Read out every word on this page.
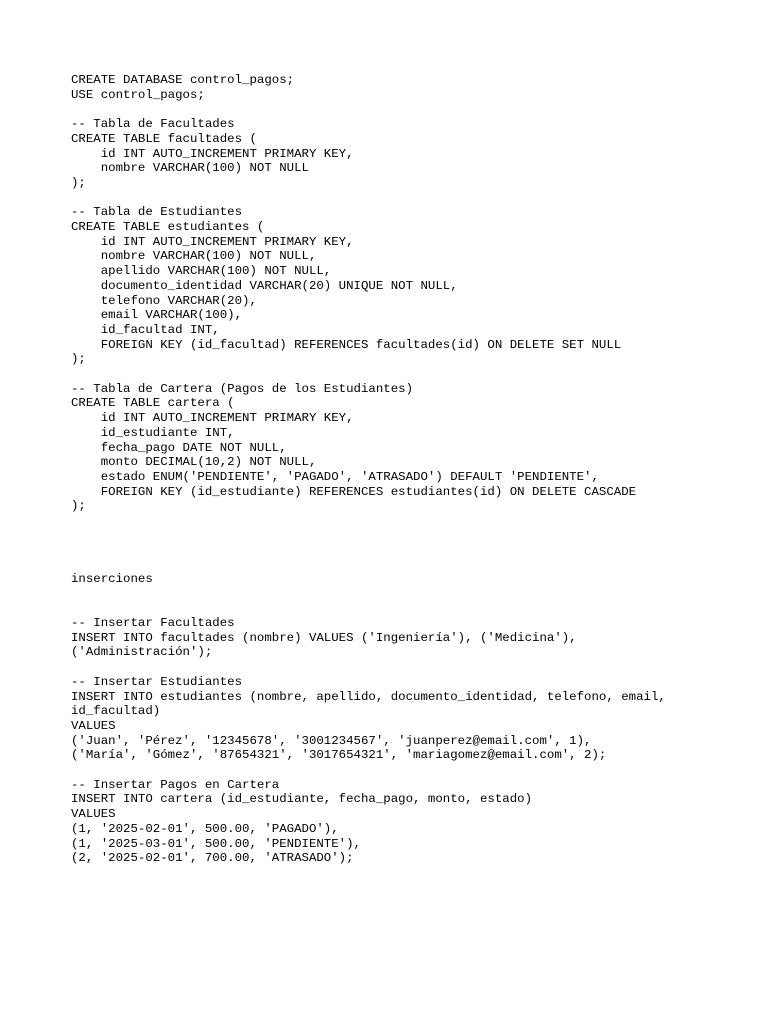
CREATE DATABASE control_pagos;
USE control_pagos;

-- Tabla de Facultades
CREATE TABLE facultades (
id INT AUTO_INCREMENT PRIMARY KEY,
nombre VARCHAR(100) NOT NULL
);

-- Tabla de Estudiantes
CREATE TABLE estudiantes (
id INT AUTO_INCREMENT PRIMARY KEY,
nombre VARCHAR(100) NOT NULL,
apellido VARCHAR(100) NOT NULL,
documento_identidad VARCHAR(20) UNIQUE NOT NULL,
telefono VARCHAR(20),
email VARCHAR(100),
id_facultad INT,
FOREIGN KEY (id_facultad) REFERENCES facultades(id) ON DELETE SET NULL
);

-- Tabla de Cartera (Pagos de los Estudiantes)
CREATE TABLE cartera (
id INT AUTO_INCREMENT PRIMARY KEY,
id_estudiante INT,
fecha_pago DATE NOT NULL,
monto DECIMAL(10,2) NOT NULL,
estado ENUM('PENDIENTE', 'PAGADO', 'ATRASADO') DEFAULT 'PENDIENTE',
FOREIGN KEY (id_estudiante) REFERENCES estudiantes(id) ON DELETE CASCADE
);
inserciones
-- Insertar Facultades
INSERT INTO facultades (nombre) VALUES ('Ingeniería'), ('Medicina'),
('Administración');

-- Insertar Estudiantes
INSERT INTO estudiantes (nombre, apellido, documento_identidad, telefono, email,
id_facultad)
VALUES
('Juan', 'Pérez', '12345678', '3001234567', 'juanperez@email.com', 1),
('María', 'Gómez', '87654321', '3017654321', 'mariagomez@email.com', 2);

-- Insertar Pagos en Cartera
INSERT INTO cartera (id_estudiante, fecha_pago, monto, estado)
VALUES
(1, '2025-02-01', 500.00, 'PAGADO'),
(1, '2025-03-01', 500.00, 'PENDIENTE'),
(2, '2025-02-01', 700.00, 'ATRASADO');
